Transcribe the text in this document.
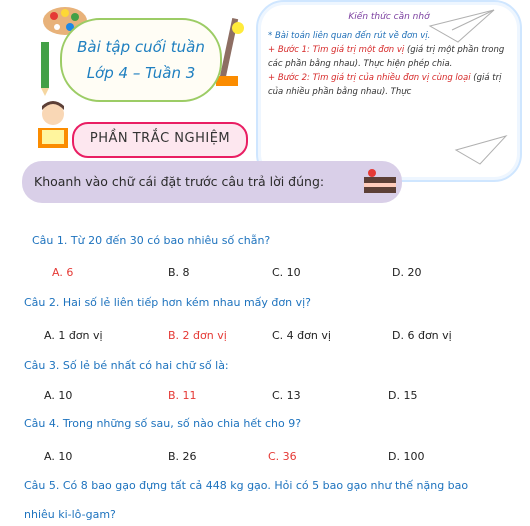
Bài tập cuối tuần
Lớp 4 – Tuần 3
Kiến thức cần nhớ
* Bài toán liên quan đến rút về đơn vị.
+ Bước 1: Tìm giá trị một đơn vị (giá trị một phần trong các phần bằng nhau). Thực hiện phép chia.
+ Bước 2: Tìm giá trị của nhiều đơn vị cùng loại (giá trị của nhiều phần bằng nhau). Thực
PHẦN TRẮC NGHIỆM
Khoanh vào chữ cái đặt trước câu trả lời đúng:
Câu 1. Từ 20 đến 30 có bao nhiêu số chẵn?
A. 6	B. 8	C. 10	D. 20
Câu 2. Hai số lẻ liên tiếp hơn kém nhau mấy đơn vị?
A. 1 đơn vị	B. 2 đơn vị	C. 4 đơn vị	D. 6 đơn vị
Câu 3. Số lẻ bé nhất có hai chữ số là:
A. 10	B. 11	C. 13	D. 15
Câu 4. Trong những số sau, số nào chia hết cho 9?
A. 10	B. 26	C. 36	D. 100
Câu 5. Có 8 bao gạo đựng tất cả 448 kg gạo. Hỏi có 5 bao gạo như thế nặng bao
nhiêu ki-lô-gam?
